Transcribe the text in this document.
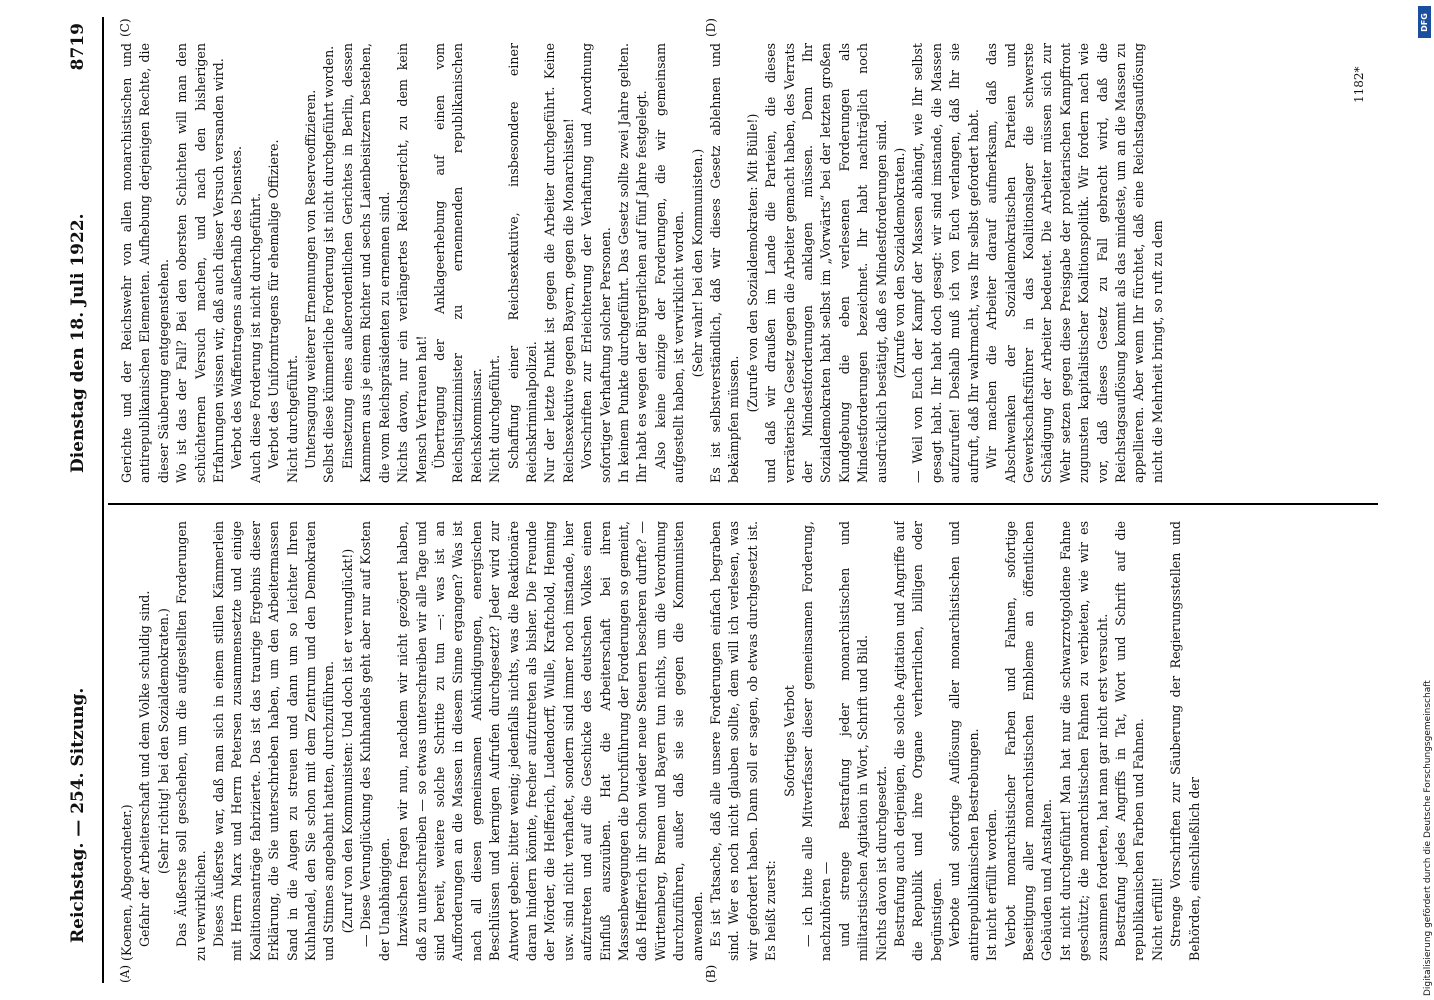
Reichstag. — 254. Sitzung.
Dienstag den 18. Juli 1922.
8719
(A)	(B)
(C)	(D)

(Koenen, Abgeordneter.) Gefahr der Arbeiterschaft und dem Volke schuldig sind. (Sehr richtig! bei den Sozialdemokraten.) Das Äußerste soll geschehen, um die aufgestellten Forderungen zu verwirklichen. Dieses Äußerste war, daß man sich in einem stillen Kämmerlein mit Herrn Marx und Herrn Petersen zusammensetzte und einige Koalitionsanträge fabrizierte. Das ist das traurige Ergebnis dieser Erklärung, die Sie unterschrieben haben, um den Arbeitermassen Sand in die Augen zu streuen und dann um so leichter Ihren Kuhhandel, den Sie schon mit dem Zentrum und den Demokraten und Stinnes angebahnt hatten, durchzuführen. (Zuruf von den Kommunisten: Und doch ist er verunglückt!) — Diese Verunglückung des Kuhhandels geht aber nur auf Kosten der Unabhängigen. Inzwischen fragen wir nun, nachdem wir nicht gezögert haben, daß zu unterschreiben — so etwas unterschreiben wir alle Tage und sind bereit, weitere solche Schritte zu tun —: was ist an Aufforderungen an die Massen in diesem Sinne ergangen? Was ist nach all diesen gemeinsamen Ankündigungen, energischen Beschlüssen und kernigen Aufrufen durchgesetzt? Jeder wird zur Antwort geben: bitter wenig; jedenfalls nichts, was die Reaktionäre daran hindern könnte, frecher aufzutreten als bisher. Die Freunde der Mörder, die Helfferich, Ludendorff, Wulle, Kraftchold, Henning usw. sind nicht verhaftet, sondern sind immer noch imstande, hier aufzutreten und auf die Geschicke des deutschen Volkes einen Einfluß auszuüben. Hat die Arbeiterschaft bei ihren Massenbewegungen die Durchführung der Forderungen so gemeint, daß Helfferich ihr schon wieder neue Steuern bescheren durfte? — Württemberg, Bremen und Bayern tun nichts, um die Verordnung durchzuführen, außer daß sie sie gegen die Kommunisten anwenden. Es ist Tatsache, daß alle unsere Forderungen einfach begraben sind. Wer es noch nicht glauben sollte, dem will ich verlesen, was wir gefordert haben. Dann soll er sagen, ob etwas durchgesetzt ist. Es heißt zuerst:

Sofortiges Verbot — ich bitte alle Mitverfasser dieser gemeinsamen Forderung, nachzuhören — und strenge Bestrafung jeder monarchistischen und militaristischen Agitation in Wort, Schrift und Bild. Nichts davon ist durchgesetzt. Bestrafung auch derjenigen, die solche Agitation und Angriffe auf die Republik und ihre Organe verherrlichen, billigen oder begünstigen. Verbote und sofortige Auflösung aller monarchistischen und antirepublikanischen Bestrebungen. Ist nicht erfüllt worden. Verbot monarchistischer Farben und Fahnen, sofortige Beseitigung aller monarchistischen Embleme an öffentlichen Gebäuden und Anstalten. Ist nicht durchgeführt! Man hat nur die schwarzrotgoldene Fahne geschützt; die monarchistischen Fahnen zu verbieten, wie wir es zusammen forderten, hat man gar nicht erst versucht. Bestrafung jedes Angriffs in Tat, Wort und Schrift auf die republikanischen Farben und Fahnen. Nicht erfüllt! Strenge Vorschriften zur Säuberung der Regierungsstellen und Behörden, einschließlich der

Gerichte und der Reichswehr von allen monarchistischen und antirepublikanischen Elementen. Aufhebung derjenigen Rechte, die dieser Säuberung entgegenstehen. Wo ist das der Fall? Bei den obersten Schichten will man den schüchternen Versuch machen, und nach den bisherigen Erfahrungen wissen wir, daß auch dieser Versuch versanden wird. Verbot des Waffentragens außerhalb des Dienstes. Auch diese Forderung ist nicht durchgeführt. Verbot des Uniformtragens für ehemalige Offiziere. Nicht durchgeführt. Untersagung weiterer Ernennungen von Reserveoffizieren. Selbst diese kümmerliche Forderung ist nicht durchgeführt worden. Einsetzung eines außerordentlichen Gerichtes in Berlin, dessen Kammern aus je einem Richter und sechs Laienbeisitzern bestehen, die vom Reichspräsidenten zu ernennen sind. Nichts davon, nur ein verlängertes Reichsgericht, zu dem kein Mensch Vertrauen hat! Übertragung der Anklageerhebung auf einen vom Reichsjustizminister zu ernennenden republikanischen Reichskommissar. Nicht durchgeführt. Schaffung einer Reichsexekutive, insbesondere einer Reichskriminalpolizei. Nur der letzte Punkt ist gegen die Arbeiter durchgeführt. Keine Reichsexekutive gegen Bayern, gegen die Monarchisten! Vorschriften zur Erleichterung der Verhaftung und Anordnung sofortiger Verhaftung solcher Personen. In keinem Punkte durchgeführt. Das Gesetz sollte zwei Jahre gelten. Ihr habt es wegen der Bürgerlichen auf fünf Jahre festgelegt. Also keine einzige der Forderungen, die wir gemeinsam aufgestellt haben, ist verwirklicht worden. (Sehr wahr! bei den Kommunisten.) Es ist selbstverständlich, daß wir dieses Gesetz ablehnen und bekämpfen müssen.

(Zurufe von den Sozialdemokraten: Mit Bülle!) und daß wir draußen im Lande die Parteien, die dieses verräterische Gesetz gegen die Arbeiter gemacht haben, des Verrats der Mindestforderungen anklagen müssen. Denn Ihr Sozialdemokraten habt selbst im „Vorwärts“ bei der letzten großen Kundgebung die eben verlesenen Forderungen als Mindestforderungen bezeichnet. Ihr habt nachträglich noch ausdrücklich bestätigt, daß es Mindestforderungen sind. (Zurufe von den Sozialdemokraten.) — Weil von Euch der Kampf der Massen abhängt, wie Ihr selbst gesagt habt. Ihr habt doch gesagt: wir sind imstande, die Massen aufzurufen! Deshalb muß ich von Euch verlangen, daß Ihr sie aufruft, daß Ihr wahrmacht, was Ihr selbst gefordert habt. Wir machen die Arbeiter darauf aufmerksam, daß das Abschwenken der Sozialdemokratischen Parteien und Gewerkschaftsführer in das Koalitionslager die schwerste Schädigung der Arbeiter bedeutet. Die Arbeiter müssen sich zur Wehr setzen gegen diese Preisgabe der proletarischen Kampffront zugunsten kapitalistischer Koalitionspolitik. Wir fordern nach wie vor, daß dieses Gesetz zu Fall gebracht wird, daß die Reichstagsauflösung kommt als das mindeste, um an die Massen zu appellieren. Aber wenn Ihr fürchtet, daß eine Reichstagsauflösung nicht die Mehrheit bringt, so ruft zu dem

1182*
Digitalisierung gefördert durch die Deutsche Forschungsgemeinschaft
DFG
